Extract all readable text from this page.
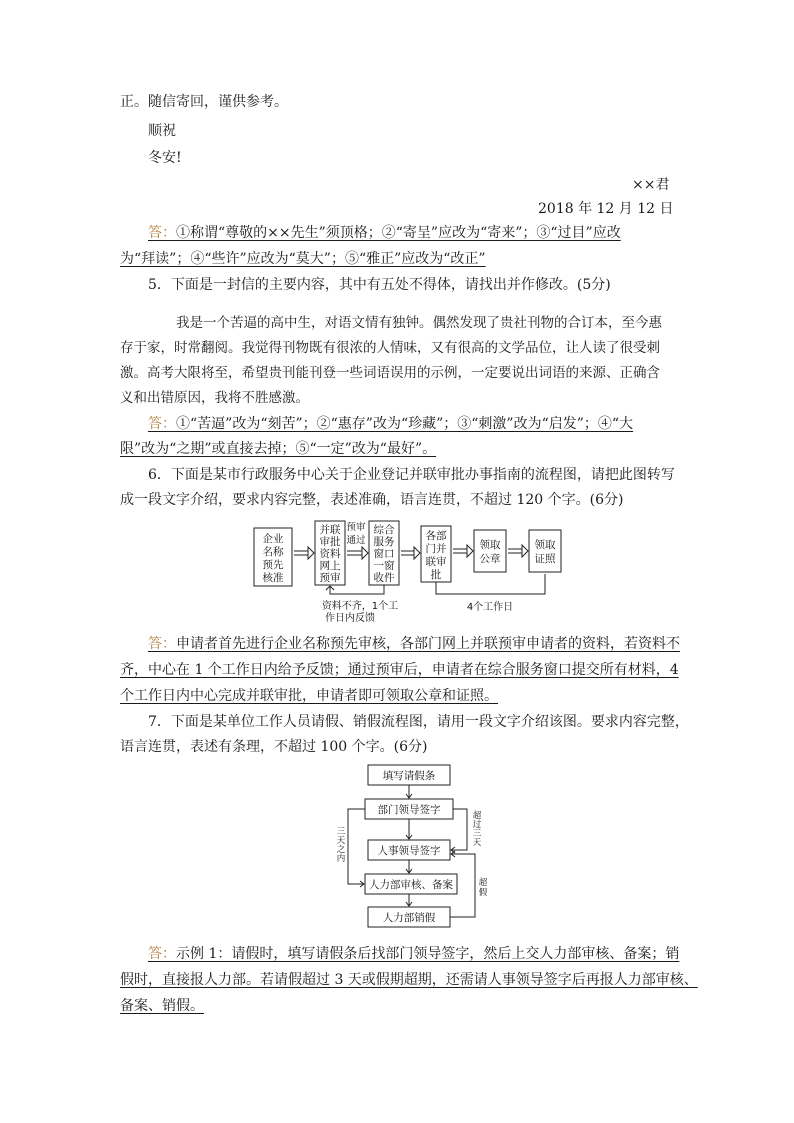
正。随信寄回，谨供参考。
顺祝
冬安!
××君
2018 年 12 月 12 日
答：①称谓“尊敬的××先生”须顶格；②“寄呈”应改为“寄来”；③“过目”应改
为“拜读”；④“些许”应改为“莫大”；⑤“雅正”应改为“改正”
5．下面是一封信的主要内容，其中有五处不得体，请找出并作修改。(5分)
我是一个苦逼的高中生，对语文情有独钟。偶然发现了贵社刊物的合订本，至今惠
存于家，时常翻阅。我觉得刊物既有很浓的人情味，又有很高的文学品位，让人读了很受刺
激。高考大限将至，希望贵刊能刊登一些词语误用的示例，一定要说出词语的来源、正确含
义和出错原因，我将不胜感激。
答：①“苦逼”改为“刻苦”；②“惠存”改为“珍藏”；③“刺激”改为“启发”；④“大
限”改为“之期”或直接去掉；⑤“一定”改为“最好”。
6．下面是某市行政服务中心关于企业登记并联审批办事指南的流程图，请把此图转写
成一段文字介绍，要求内容完整，表述准确，语言连贯，不超过 120 个字。(6分)
企业
名称
预先
核准
并联
审批
资料
网上
预审
预审
通过
综合
服务
窗口
一窗
收件
各部
门并
联审
批
领取
公章
领取
证照
资料不齐，1个工
作日内反馈
4个工作日
答：申请者首先进行企业名称预先审核，各部门网上并联预审申请者的资料，若资料不
齐，中心在 1 个工作日内给予反馈；通过预审后，申请者在综合服务窗口提交所有材料，4
个工作日内中心完成并联审批，申请者即可领取公章和证照。
7．下面是某单位工作人员请假、销假流程图，请用一段文字介绍该图。要求内容完整，
语言连贯，表述有条理，不超过 100 个字。(6分)
填写请假条
部门领导签字
人事领导签字
人力部审核、备案
人力部销假
三
天
之
内
超
过
三
天
超
假
答：示例 1：请假时，填写请假条后找部门领导签字，然后上交人力部审核、备案；销
假时，直接报人力部。若请假超过 3 天或假期超期，还需请人事领导签字后再报人力部审核、
备案、销假。
